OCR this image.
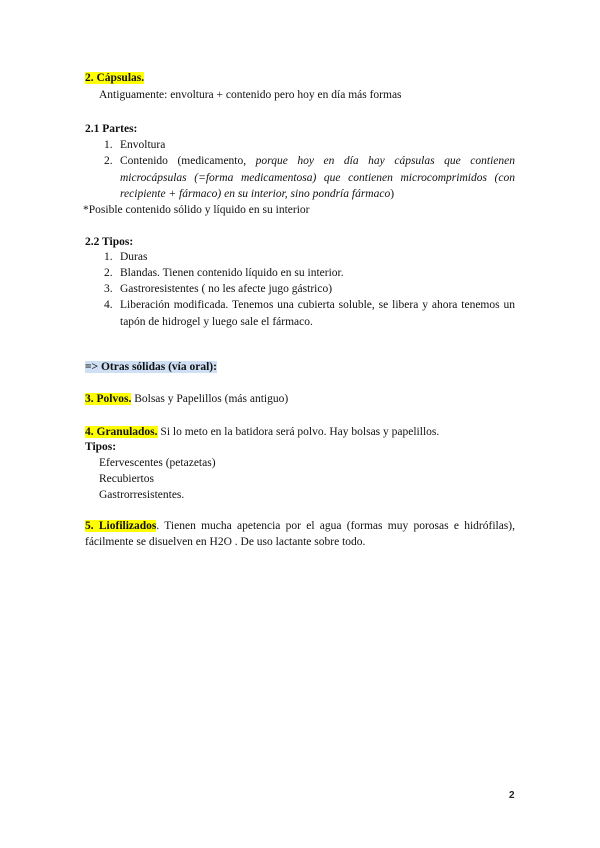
2. Cápsulas.
Antiguamente: envoltura + contenido pero hoy en día más formas
2.1 Partes:
1. Envoltura
2. Contenido (medicamento, porque hoy en día hay cápsulas que contienen microcápsulas (=forma medicamentosa) que contienen microcomprimidos (con recipiente + fármaco) en su interior, sino pondría fármaco)
*Posible contenido sólido y líquido en su interior
2.2 Tipos:
1. Duras
2. Blandas. Tienen contenido líquido en su interior.
3. Gastroresistentes ( no les afecte jugo gástrico)
4. Liberación modificada. Tenemos una cubierta soluble, se libera y ahora tenemos un tapón de hidrogel y luego sale el fármaco.
=> Otras sólidas (vía oral):
3. Polvos. Bolsas y Papelillos (más antiguo)
4. Granulados. Si lo meto en la batidora será polvo. Hay bolsas y papelillos.
Tipos:
Efervescentes (petazetas)
Recubiertos
Gastrorresistentes.
5. Liofilizados. Tienen mucha apetencia por el agua (formas muy porosas e hidrófilas), fácilmente se disuelven en H2O . De uso lactante sobre todo.
2
